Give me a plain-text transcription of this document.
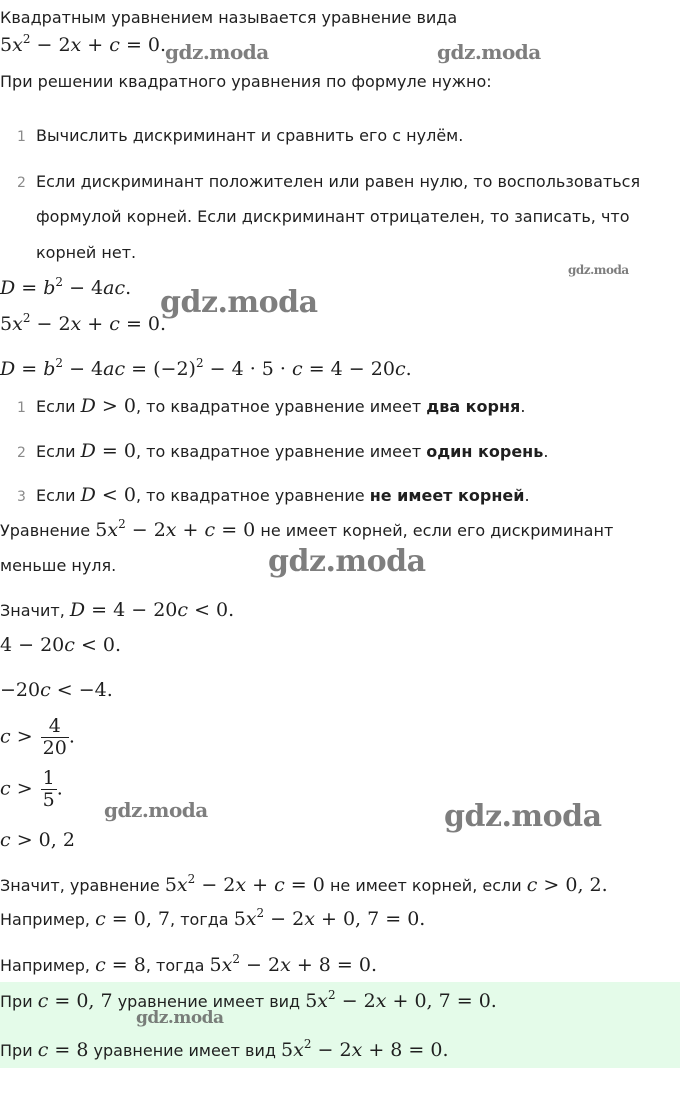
Квадратным уравнением называется уравнение вида
$5x^2 - 2x + c = 0$.
При решении квадратного уравнения по формуле нужно:
1 Вычислить дискриминант и сравнить его с нулём.
2 Если дискриминант положителен или равен нулю, то воспользоваться
формулой корней. Если дискриминант отрицателен, то записать, что
корней нет.
$D = b^2 - 4ac$.
$5x^2 - 2x + c = 0$.
$D = b^2 - 4ac = (-2)^2 - 4 \cdot 5 \cdot c = 4 - 20c$.
1 Если D > 0, то квадратное уравнение имеет два корня.
2 Если D = 0, то квадратное уравнение имеет один корень.
3 Если D < 0, то квадратное уравнение не имеет корней.
Уравнение $5x^2 - 2x + c = 0$ не имеет корней, если его дискриминант
меньше нуля.
Значит, D = 4 − 20c < 0.
4 − 20c < 0.
−20c < −4.
$c > \frac{4}{20}$ .
$c > \frac{1}{5}$ .
c > 0, 2
Значит, уравнение $5x^2 - 2x + c = 0$ не имеет корней, если c > 0, 2.
Например, c = 0, 7, тогда $5x^2 - 2x + 0$, 7 = 0.
Например, c = 8, тогда $5x^2 - 2x + 8 = 0$.
При c = 0, 7 уравнение имеет вид $5x^2 - 2x + 0$, 7 = 0.
При c = 8 уравнение имеет вид $5x^2 - 2x + 8 = 0$.
gdz.moda	gdz.moda
gdz.moda
gdz.moda
gdz.moda
gdz.moda	gdz.moda
gdz.moda
